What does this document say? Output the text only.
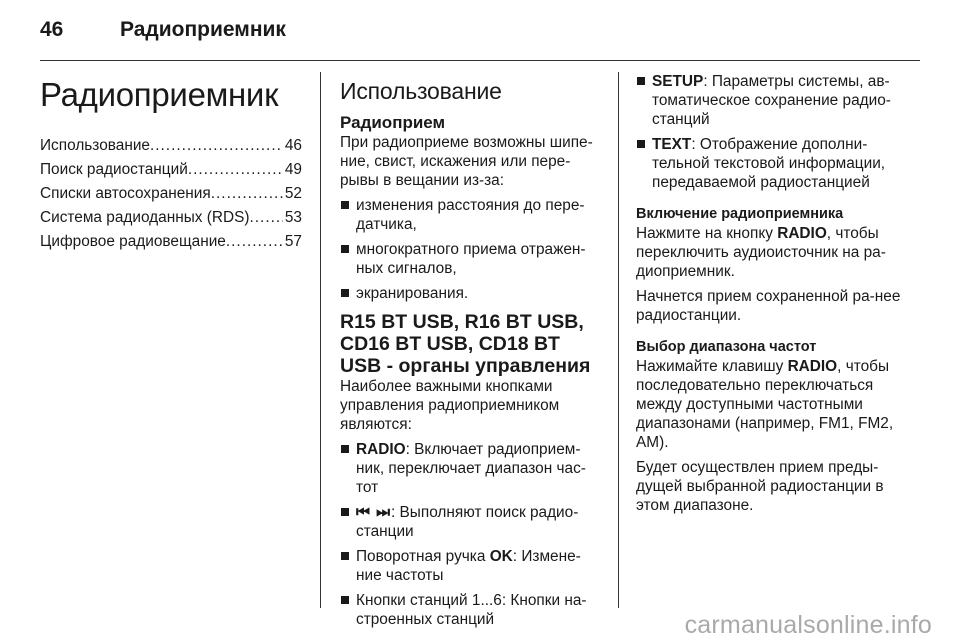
46	Радиоприемник
Радиоприемник
Использование .....	46
Поиск радиостанций .....	49
Списки автосохранения .....	52
Система радиоданных (RDS) ..... 53
Цифровое радиовещание .....	57
Использование
Радиоприем

При радиоприеме возможны шипе-ние, свист, искажения или пере-рывы в вещании из-за:

изменения расстояния до пере-датчика,
многократного приема отражен-ных сигналов,
экранирования.
R15 BT USB, R16 BT USB, CD16 BT USB, CD18 BT USB - органы управления

Наиболее важными кнопками управления радиоприемником являются:

RADIO: Включает радиоприем-ник, переключает диапазон час-тот
⏮ ⏭: Выполняют поиск радио-станции
Поворотная ручка OK: Измене-ние частоты
Кнопки станций 1...6: Кнопки на-строенных станций
SETUP: Параметры системы, ав-томатическое сохранение радио-станций
TEXT: Отображение дополни-тельной текстовой информации, передаваемой радиостанцией
Включение радиоприемника

Нажмите на кнопку RADIO, чтобы переключить аудиоисточник на ра-диоприемник.

Начнется прием сохраненной ра-нее радиостанции.

Выбор диапазона частот

Нажимайте клавишу RADIO, чтобы последовательно переключаться между доступными частотными диапазонами (например, FM1, FM2, AM).

Будет осуществлен прием преды-дущей выбранной радиостанции в этом диапазоне.

carmanualsonline.info
